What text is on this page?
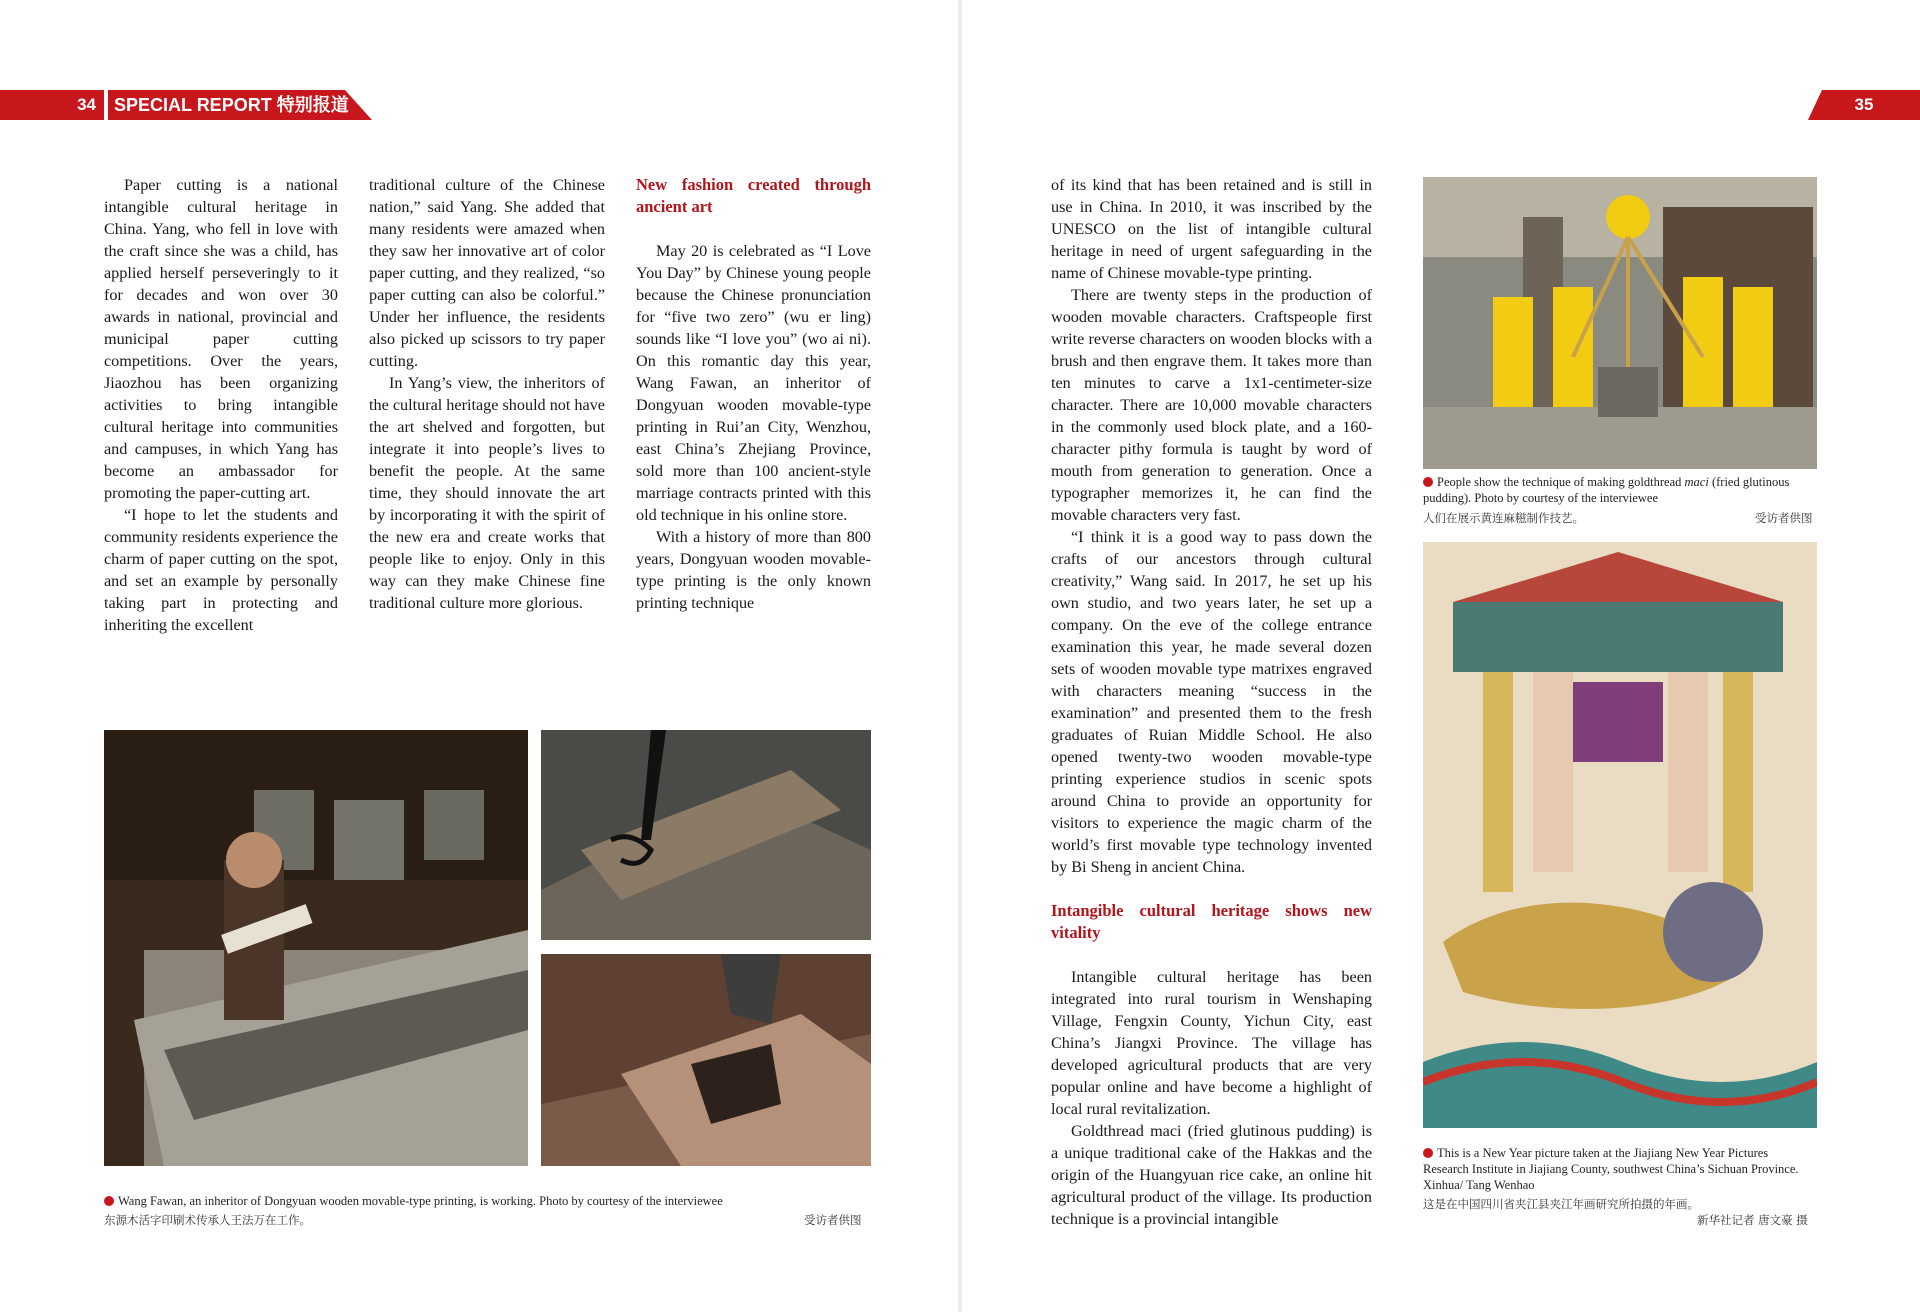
34	SPECIAL REPORT 特别报道	35

Paper cutting is a national intangible cultural heritage in China. Yang, who fell in love with the craft since she was a child, has applied herself perseveringly to it for decades and won over 30 awards in national, provincial and municipal paper cutting competitions. Over the years, Jiaozhou has been organizing activities to bring intangible cultural heritage into communities and campuses, in which Yang has become an ambassador for promoting the paper-cutting art.

“I hope to let the students and community residents experience the charm of paper cutting on the spot, and set an example by personally taking part in protecting and inheriting the excellent

traditional culture of the Chinese nation,” said Yang. She added that many residents were amazed when they saw her innovative art of color paper cutting, and they realized, “so paper cutting can also be colorful.” Under her influence, the residents also picked up scissors to try paper cutting.

In Yang’s view, the inheritors of the cultural heritage should not have the art shelved and forgotten, but integrate it into people’s lives to benefit the people. At the same time, they should innovate the art by incorporating it with the spirit of the new era and create works that people like to enjoy. Only in this way can they make Chinese fine traditional culture more glorious.

New fashion created through ancient art

May 20 is celebrated as “I Love You Day” by Chinese young people because the Chinese pronunciation for “five two zero” (wu er ling) sounds like “I love you” (wo ai ni). On this romantic day this year, Wang Fawan, an inheritor of Dongyuan wooden movable-type printing in Rui’an City, Wenzhou, east China’s Zhejiang Province, sold more than 100 ancient-style marriage contracts printed with this old technique in his online store.

With a history of more than 800 years, Dongyuan wooden movable-type printing is the only known printing technique

Wang Fawan, an inheritor of Dongyuan wooden movable-type printing, is working. Photo by courtesy of the interviewee
东源木活字印刷术传承人王法万在工作。	受访者供图

of its kind that has been retained and is still in use in China. In 2010, it was inscribed by the UNESCO on the list of intangible cultural heritage in need of urgent safeguarding in the name of Chinese movable-type printing.

There are twenty steps in the production of wooden movable characters. Craftspeople first write reverse characters on wooden blocks with a brush and then engrave them. It takes more than ten minutes to carve a 1x1-centimeter-size character. There are 10,000 movable characters in the commonly used block plate, and a 160-character pithy formula is taught by word of mouth from generation to generation. Once a typographer memorizes it, he can find the movable characters very fast.

“I think it is a good way to pass down the crafts of our ancestors through cultural creativity,” Wang said. In 2017, he set up his own studio, and two years later, he set up a company. On the eve of the college entrance examination this year, he made several dozen sets of wooden movable type matrixes engraved with characters meaning “success in the examination” and presented them to the fresh graduates of Ruian Middle School. He also opened twenty-two wooden movable-type printing experience studios in scenic spots around China to provide an opportunity for visitors to experience the magic charm of the world’s first movable type technology invented by Bi Sheng in ancient China.

Intangible cultural heritage shows new vitality

Intangible cultural heritage has been integrated into rural tourism in Wenshaping Village, Fengxin County, Yichun City, east China’s Jiangxi Province. The village has developed agricultural products that are very popular online and have become a highlight of local rural revitalization.

Goldthread maci (fried glutinous pudding) is a unique traditional cake of the Hakkas and the origin of the Huangyuan rice cake, an online hit agricultural product of the village. Its production technique is a provincial intangible

People show the technique of making goldthread maci (fried glutinous pudding). Photo by courtesy of the interviewee
人们在展示黄连麻糍制作技艺。	受访者供图
This is a New Year picture taken at the Jiajiang New Year Pictures Research Institute in Jiajiang County, southwest China’s Sichuan Province. Xinhua/ Tang Wenhao
这是在中国四川省夹江县夹江年画研究所拍摄的年画。
新华社记者 唐文豪 摄
